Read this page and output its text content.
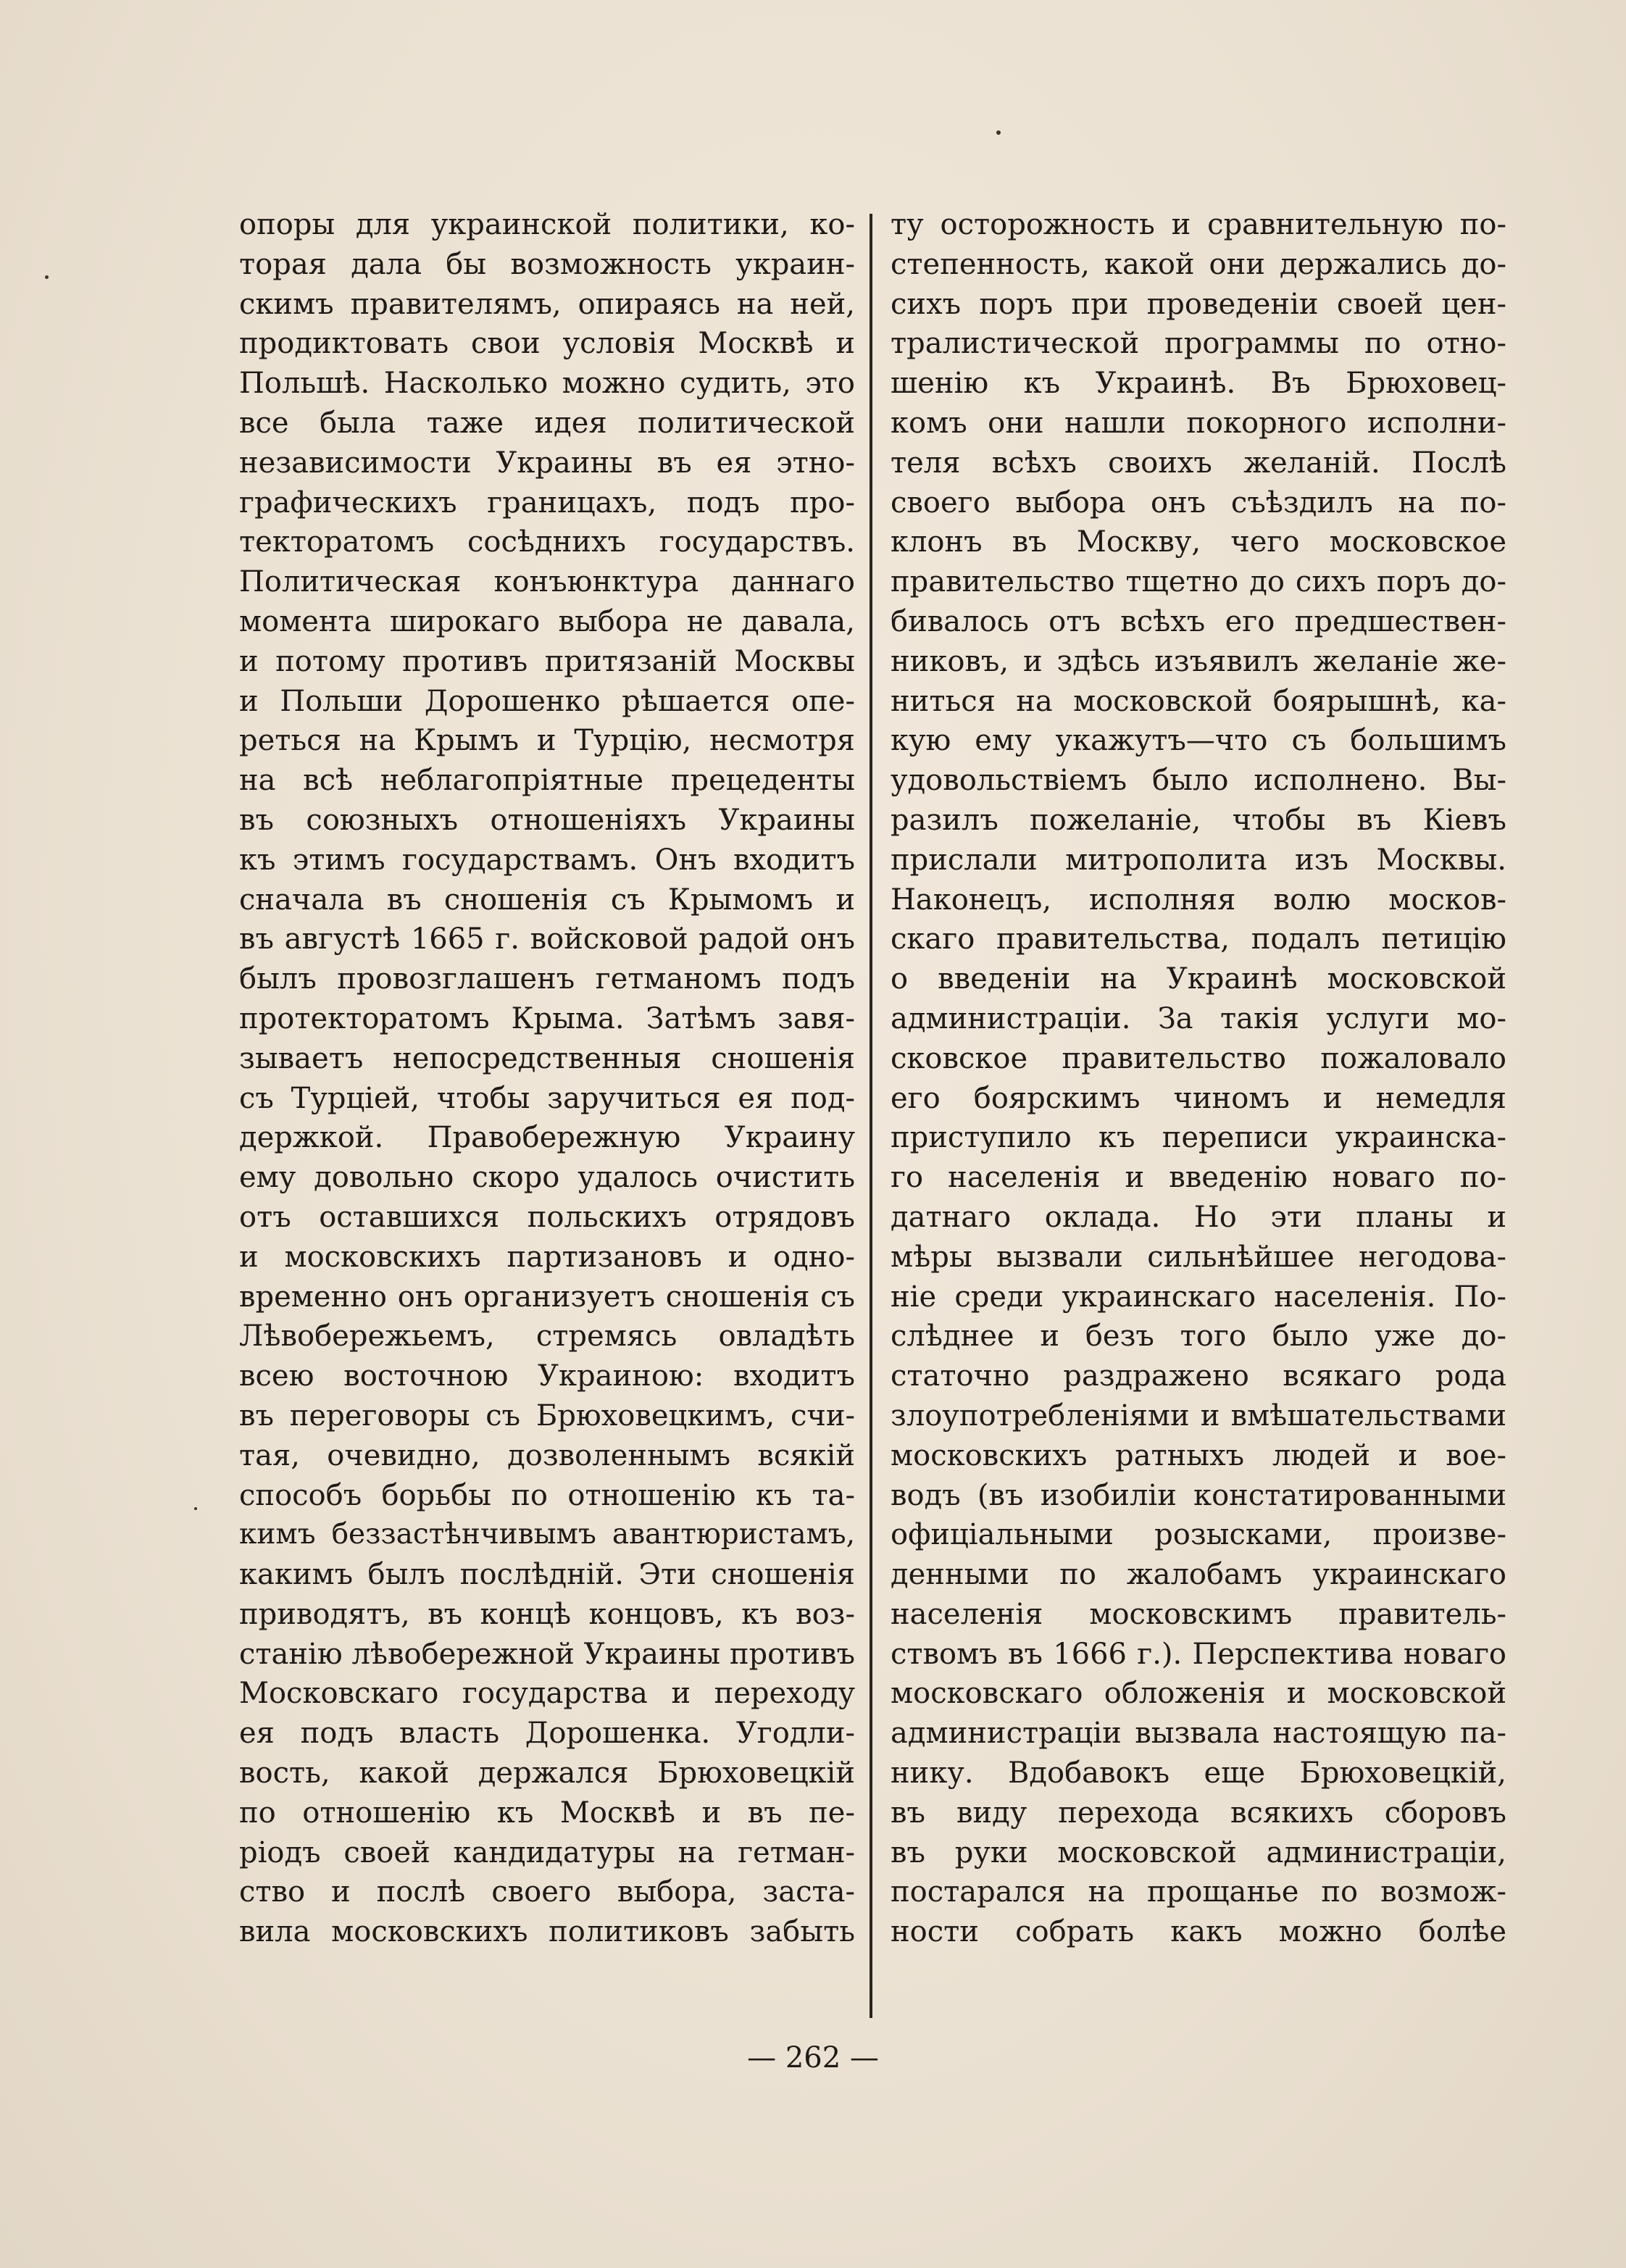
опоры для украинской политики, ко-
торая дала бы возможность украин-
скимъ правителямъ, опираясь на ней,
продиктовать свои условія Москвѣ и
Польшѣ. Насколько можно судить, это
все была таже идея политической
независимости Украины въ ея этно-
графическихъ границахъ, подъ про-
текторатомъ сосѣднихъ государствъ.
Политическая конъюнктура даннаго
момента широкаго выбора не давала,
и потому противъ притязаній Москвы
и Польши Дорошенко рѣшается опе-
реться на Крымъ и Турцію, несмотря
на всѣ неблагопріятные прецеденты
въ союзныхъ отношеніяхъ Украины
къ этимъ государствамъ. Онъ входитъ
сначала въ сношенія съ Крымомъ и
въ августѣ 1665 г. войсковой радой онъ
былъ провозглашенъ гетманомъ подъ
протекторатомъ Крыма. Затѣмъ завя-
зываетъ непосредственныя сношенія
съ Турціей, чтобы заручиться ея под-
держкой. Правобережную Украину
ему довольно скоро удалось очистить
отъ оставшихся польскихъ отрядовъ
и московскихъ партизановъ и одно-
временно онъ организуетъ сношенія съ
Лѣвобережьемъ, стремясь овладѣть
всею восточною Украиною: входитъ
въ переговоры съ Брюховецкимъ, счи-
тая, очевидно, дозволеннымъ всякій
способъ борьбы по отношенію къ та-
кимъ беззастѣнчивымъ авантюристамъ,
какимъ былъ послѣдній. Эти сношенія
приводятъ, въ концѣ концовъ, къ воз-
станію лѣвобережной Украины противъ
Московскаго государства и переходу
ея подъ власть Дорошенка. Угодли-
вость, какой держался Брюховецкій
по отношенію къ Москвѣ и въ пе-
ріодъ своей кандидатуры на гетман-
ство и послѣ своего выбора, заста-
вила московскихъ политиковъ забыть
ту осторожность и сравнительную по-
степенность, какой они держались до-
сихъ поръ при проведеніи своей цен-
тралистической программы по отно-
шенію къ Украинѣ. Въ Брюховец-
комъ они нашли покорного исполни-
теля всѣхъ своихъ желаній. Послѣ
своего выбора онъ съѣздилъ на по-
клонъ въ Москву, чего московское
правительство тщетно до сихъ поръ до-
бивалось отъ всѣхъ его предшествен-
никовъ, и здѣсь изъявилъ желаніе же-
ниться на московской боярышнѣ, ка-
кую ему укажутъ—что съ большимъ
удовольствіемъ было исполнено. Вы-
разилъ пожеланіе, чтобы въ Кіевъ
прислали митрополита изъ Москвы.
Наконецъ, исполняя волю москов-
скаго правительства, подалъ петицію
о введеніи на Украинѣ московской
администраціи. За такія услуги мо-
сковское правительство пожаловало
его боярскимъ чиномъ и немедля
приступило къ переписи украинска-
го населенія и введенію новаго по-
датнаго оклада. Но эти планы и
мѣры вызвали сильнѣйшее негодова-
ніе среди украинскаго населенія. По-
слѣднее и безъ того было уже до-
статочно раздражено всякаго рода
злоупотребленіями и вмѣшательствами
московскихъ ратныхъ людей и вое-
водъ (въ изобиліи констатированными
офиціальными розысками, произве-
денными по жалобамъ украинскаго
населенія московскимъ правитель-
ствомъ въ 1666 г.). Перспектива новаго
московскаго обложенія и московской
администраціи вызвала настоящую па-
нику. Вдобавокъ еще Брюховецкій,
въ виду перехода всякихъ сборовъ
въ руки московской администраціи,
постарался на прощанье по возмож-
ности собрать какъ можно болѣе
— 262 —
